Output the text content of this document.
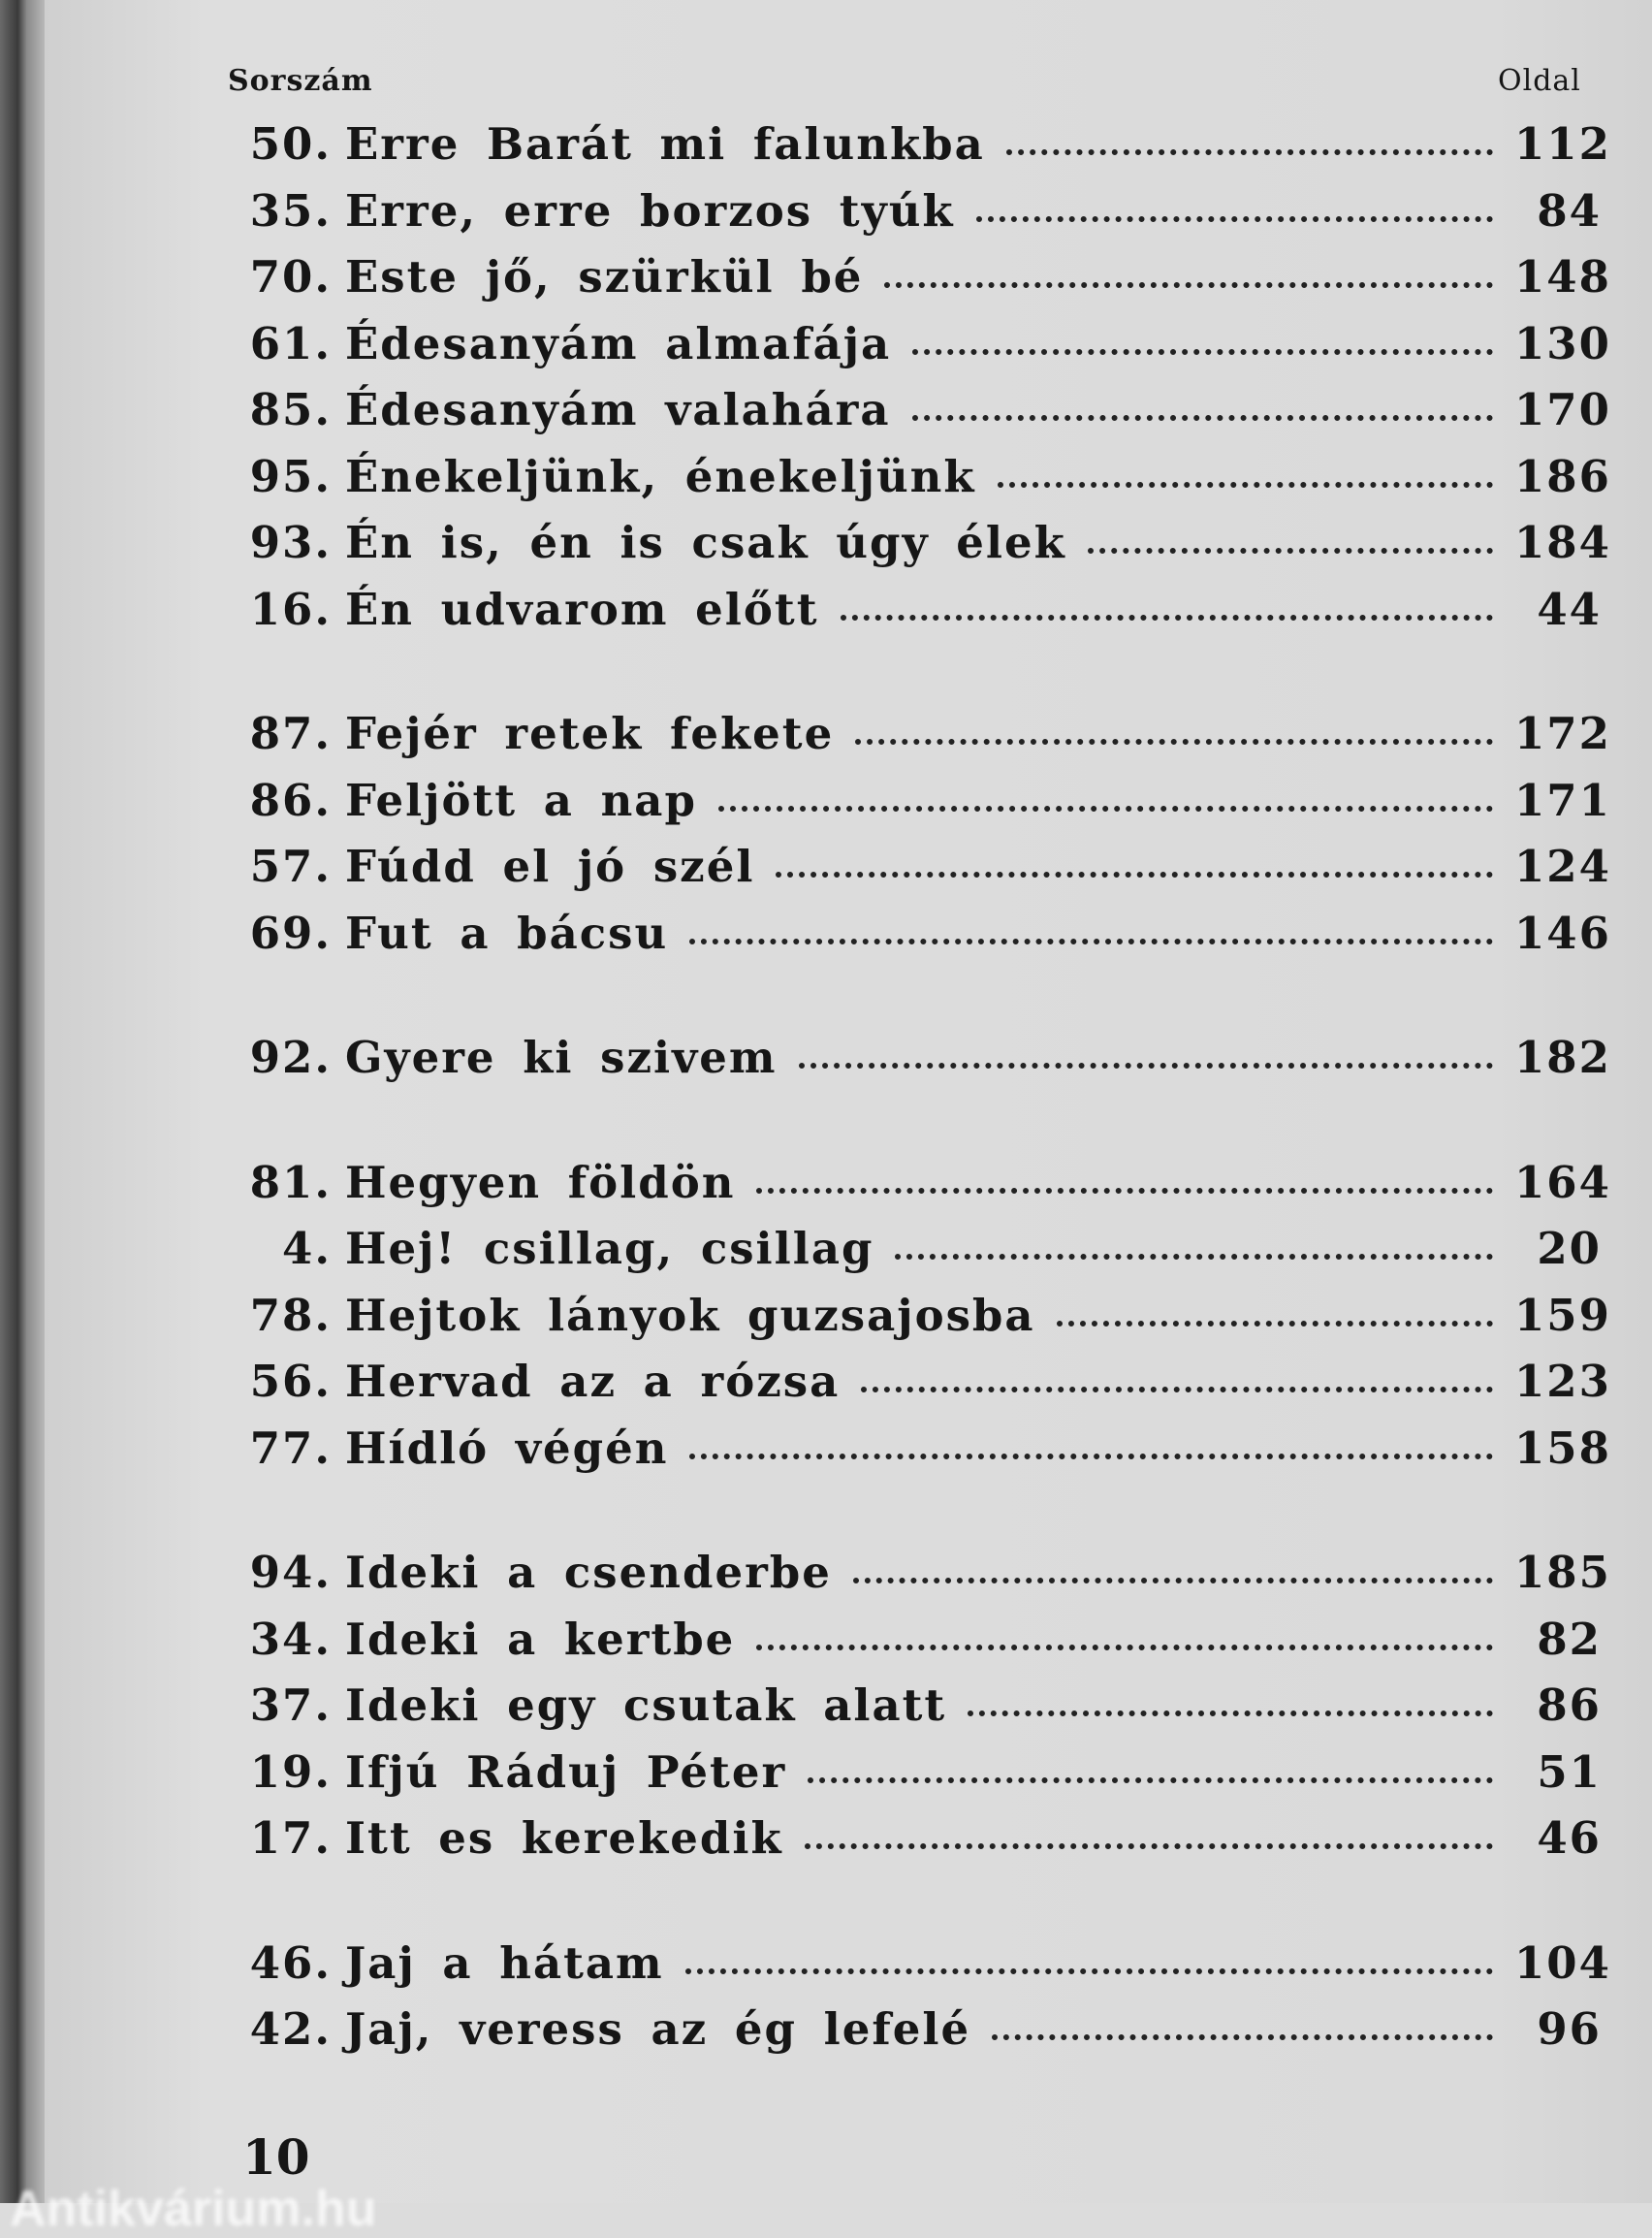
Sorszám	Oldal
50. Erre Barát mi falunkba	112
35. Erre, erre borzos tyúk	84
70. Este jő, szürkül bé	148
61. Édesanyám almafája	130
85. Édesanyám valahára	170
95. Énekeljünk, énekeljünk	186
93. Én is, én is csak úgy élek	184
16. Én udvarom előtt	44
87. Fejér retek fekete	172
86. Feljött a nap	171
57. Fúdd el jó szél	124
69. Fut a bácsu	146
92. Gyere ki szivem	182
81. Hegyen földön	164
4. Hej! csillag, csillag	20
78. Hejtok lányok guzsajosba	159
56. Hervad az a rózsa	123
77. Hídló végén	158
94. Ideki a csenderbe	185
34. Ideki a kertbe	82
37. Ideki egy csutak alatt	86
19. Ifjú Ráduj Péter	51
17. Itt es kerekedik	46
46. Jaj a hátam	104
42. Jaj, veress az ég lefelé	96
10
Antikvárium.hu
